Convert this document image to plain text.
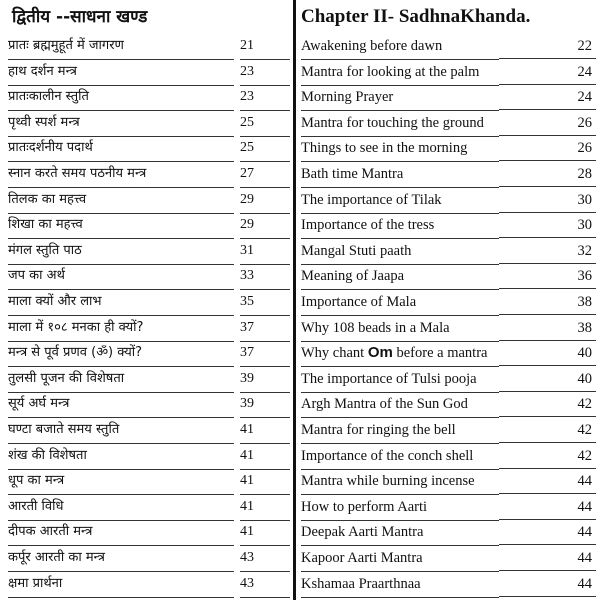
द्वितीय --साधना खण्ड
प्रातः ब्रह्ममुहूर्त में जागरण	21
हाथ दर्शन मन्त्र	23
प्रातःकालीन स्तुति	23
पृथ्वी स्पर्श मन्त्र	25
प्रातःदर्शनीय पदार्थ	25
स्नान करते समय पठनीय मन्त्र	27
तिलक का महत्त्व	29
शिखा का महत्त्व	29
मंगल स्तुति पाठ	31
जप का अर्थ	33
माला क्यों और लाभ	35
माला में १०८ मनका ही क्यों?	37
मन्त्र से पूर्व प्रणव (ॐ) क्यों?	37
तुलसी पूजन की विशेषता	39
सूर्य अर्घ मन्त्र	39
घण्टा बजाते समय स्तुति	41
शंख की विशेषता	41
धूप का मन्त्र	41
आरती विधि	41
दीपक आरती मन्त्र	41
कर्पूर आरती का मन्त्र	43
क्षमा प्रार्थना	43
Chapter II- SadhnaKhanda.
Awakening before dawn	22
Mantra for looking at the palm	24
Morning Prayer	24
Mantra for touching the ground	26
Things to see in the morning	26
Bath time Mantra	28
The importance of Tilak	30
Importance of the tress	30
Mangal Stuti paath	32
Meaning of Jaapa	36
Importance of Mala	38
Why 108 beads in a Mala	38
Why chant Om before a mantra	40
The importance of Tulsi pooja	40
Argh Mantra of the Sun God	42
Mantra for ringing the bell	42
Importance of the conch shell	42
Mantra while burning incense	44
How to perform Aarti	44
Deepak Aarti Mantra	44
Kapoor Aarti Mantra	44
Kshamaa Praarthnaa	44
